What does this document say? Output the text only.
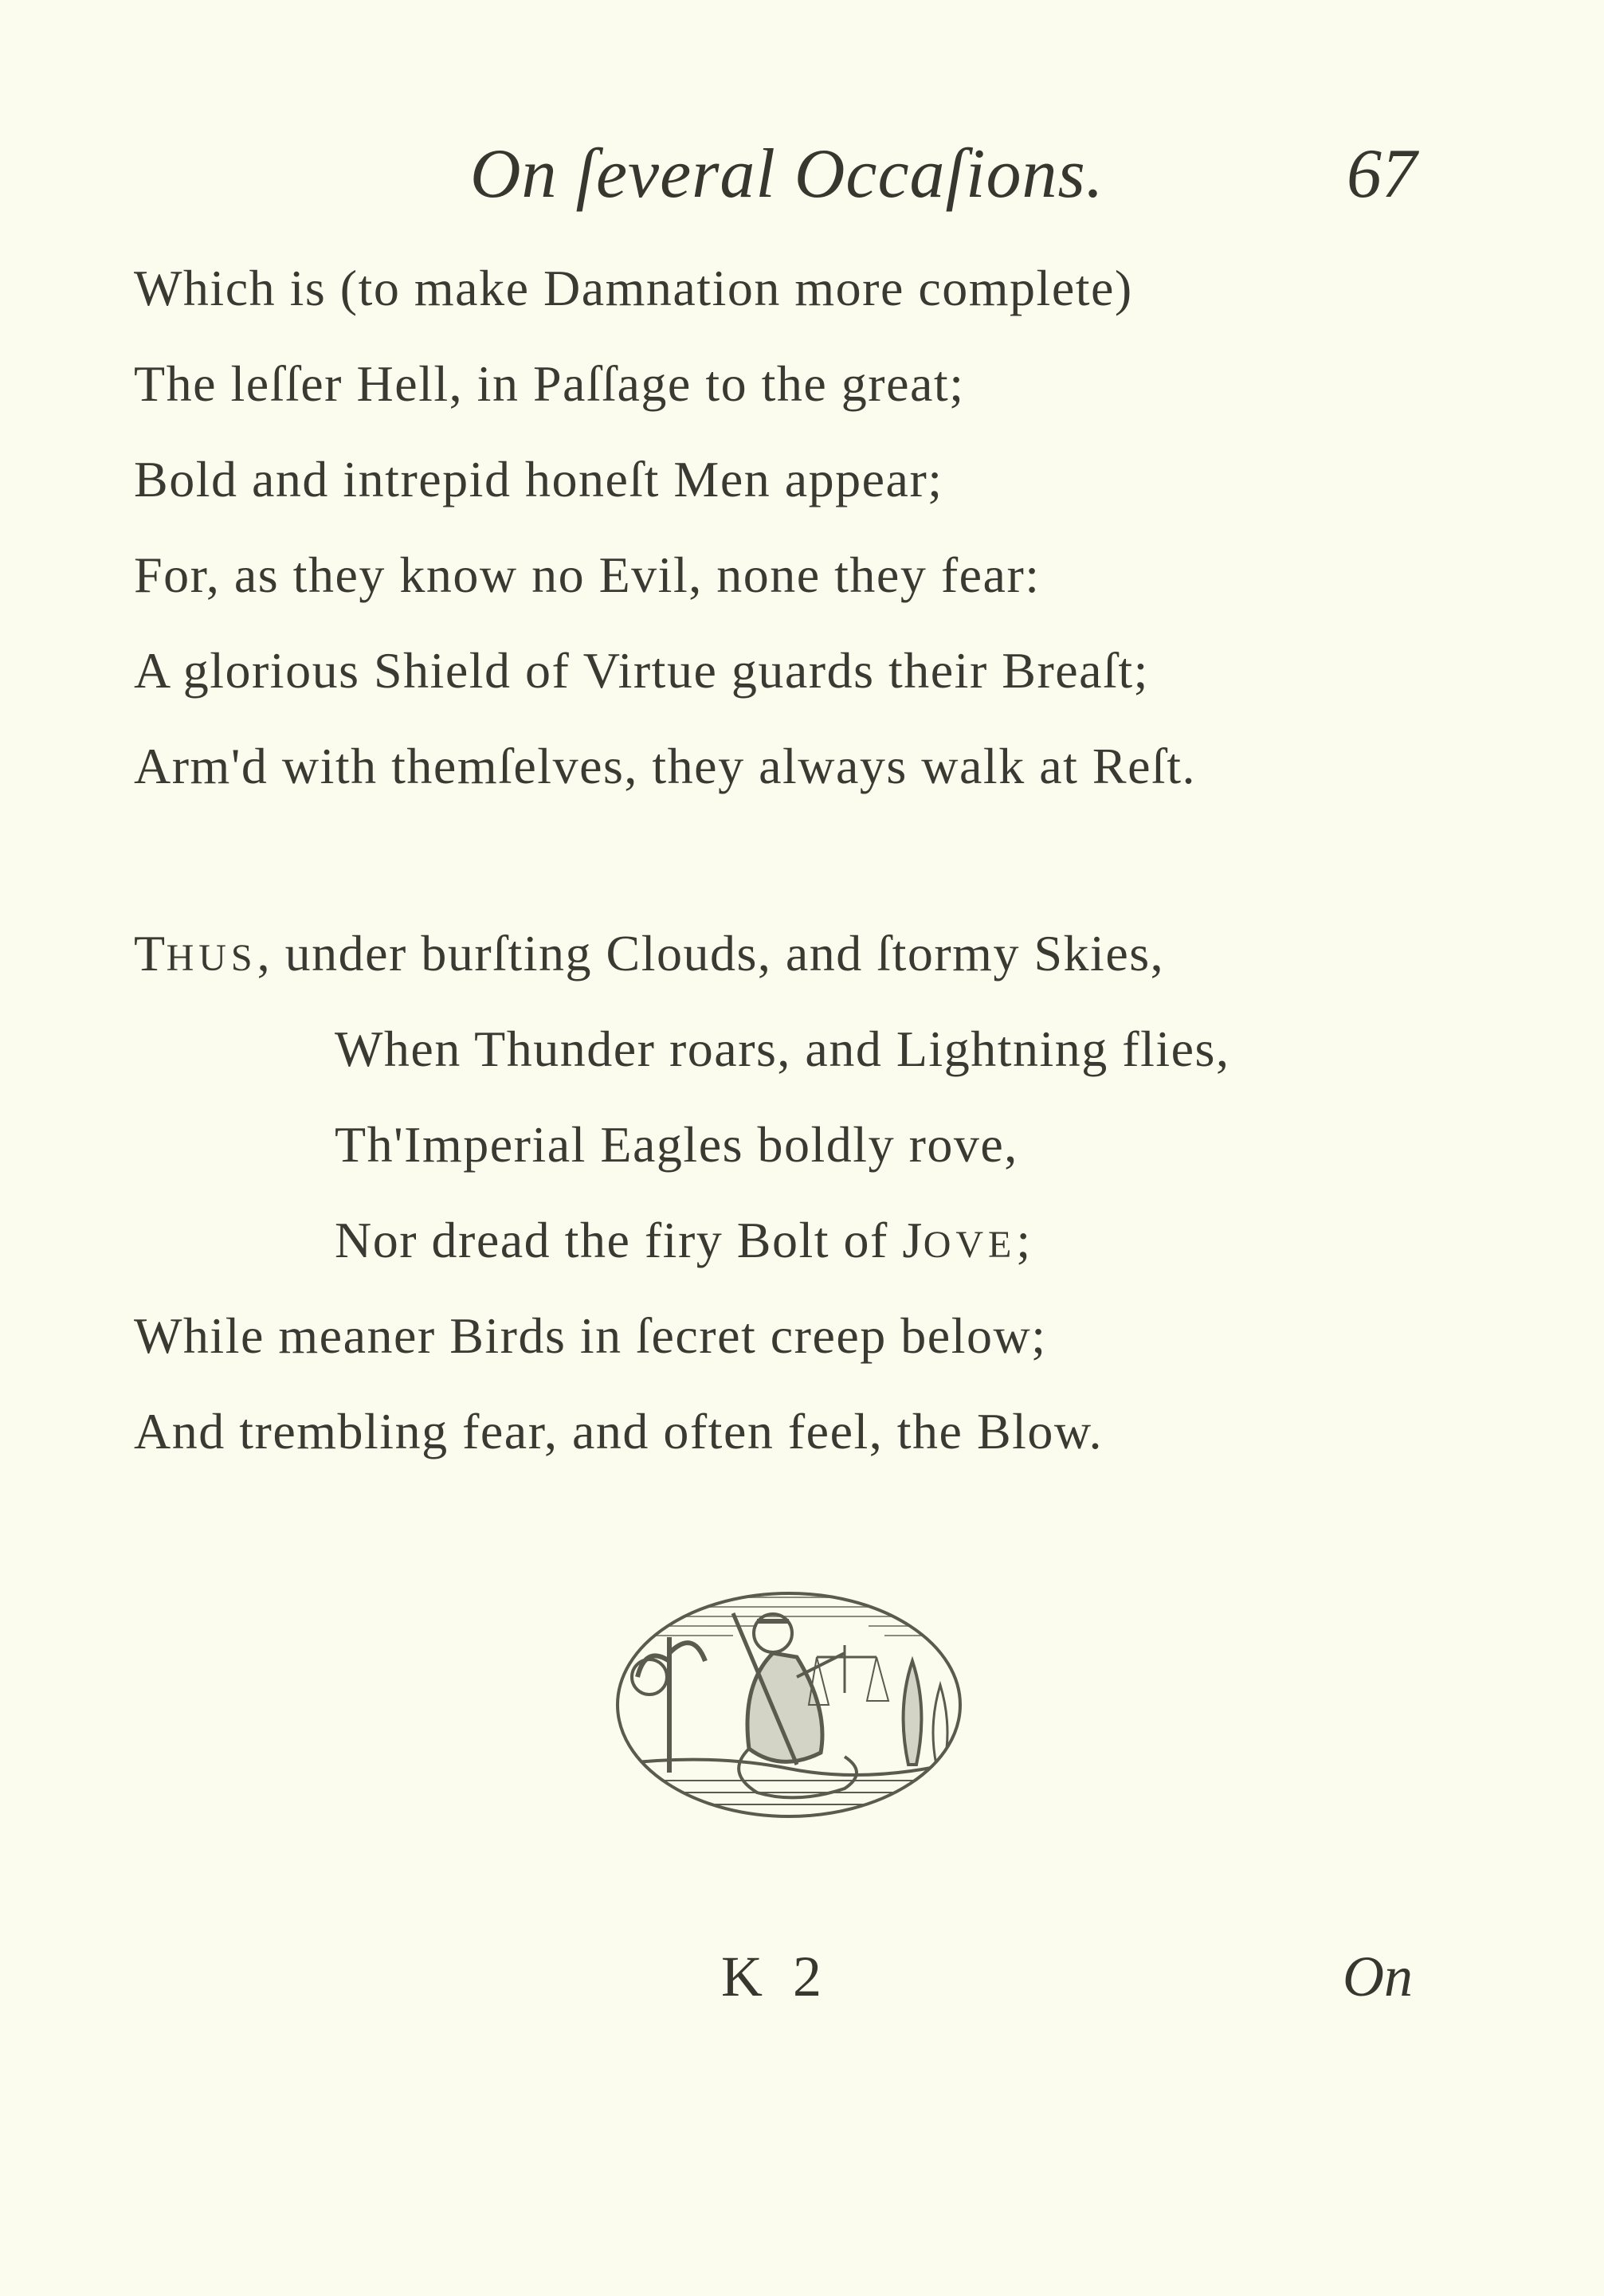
On ſeveral Occaſions.	67
Which is (to make Damnation more complete)
The leſſer Hell, in Paſſage to the great;
Bold and intrepid honeſt Men appear;
For, as they know no Evil, none they fear:
A glorious Shield of Virtue guards their Breaſt;
Arm'd with themſelves, they always walk at Reſt.
THUS, under burſting Clouds, and ſtormy Skies,
When Thunder roars, and Lightning flies,
Th'Imperial Eagles boldly rove,
Nor dread the firy Bolt of JOVE;
While meaner Birds in ſecret creep below;
And trembling fear, and often feel, the Blow.
K 2	On
